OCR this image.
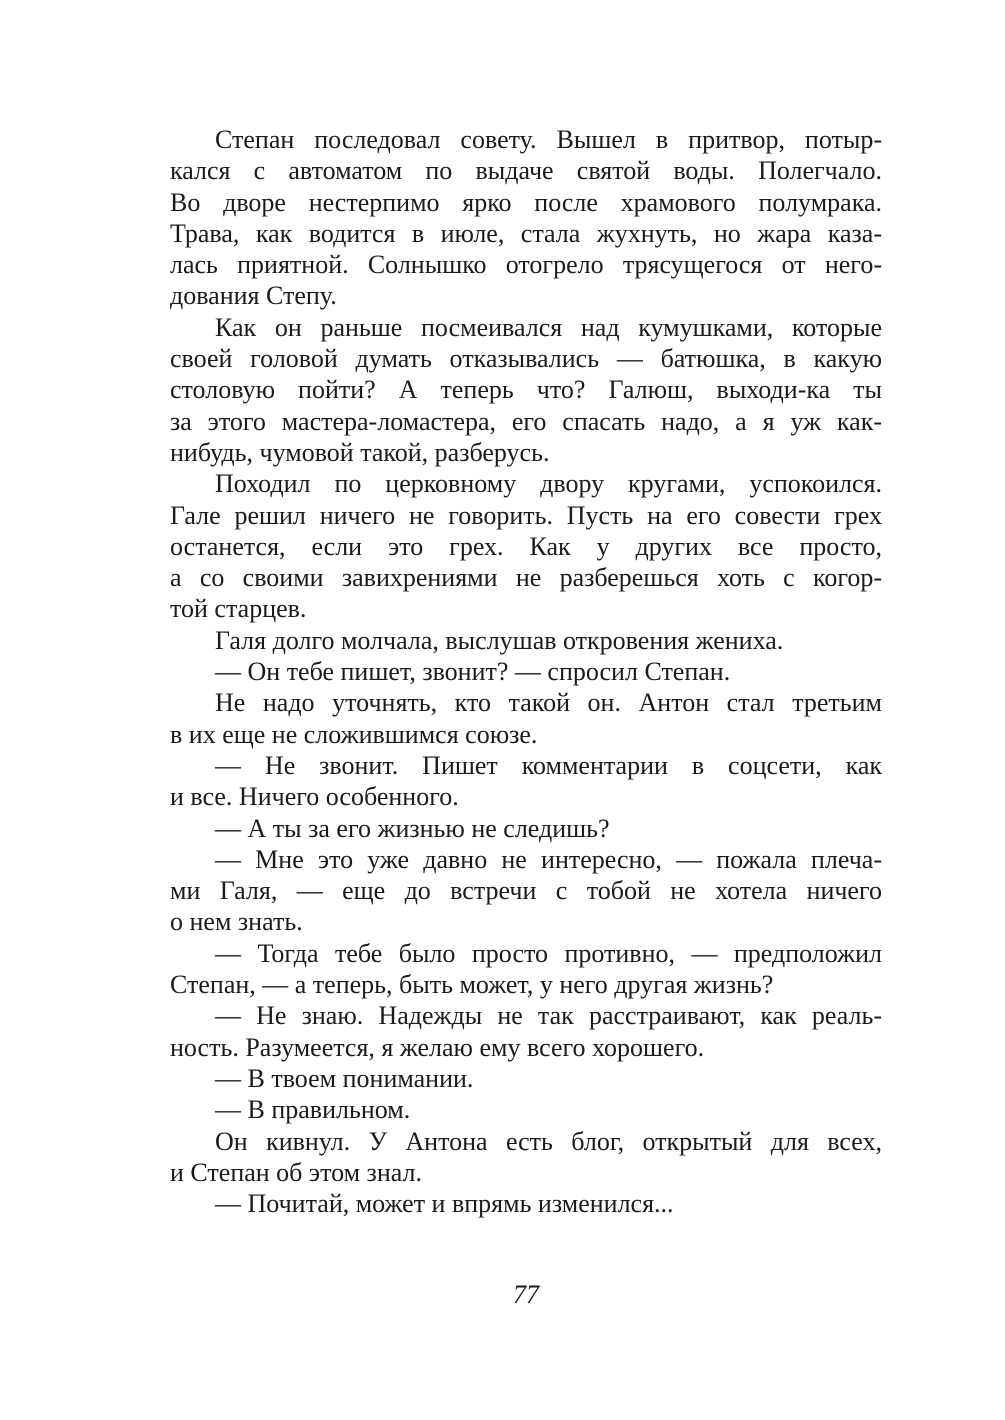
Степан последовал совету. Вышел в притвор, потыр-
кался с автоматом по выдаче святой воды. Полегчало.
Во дворе нестерпимо ярко после храмового полумрака.
Трава, как водится в июле, стала жухнуть, но жара каза-
лась приятной. Солнышко отогрело трясущегося от него-
дования Степу.
Как он раньше посмеивался над кумушками, которые
своей головой думать отказывались — батюшка, в какую
столовую пойти? А теперь что? Галюш, выходи-ка ты
за этого мастера-ломастера, его спасать надо, а я уж как-
нибудь, чумовой такой, разберусь.
Походил по церковному двору кругами, успокоился.
Гале решил ничего не говорить. Пусть на его совести грех
останется, если это грех. Как у других все просто,
а со своими завихрениями не разберешься хоть с когор-
той старцев.
Галя долго молчала, выслушав откровения жениха.
— Он тебе пишет, звонит? — спросил Степан.
Не надо уточнять, кто такой он. Антон стал третьим
в их еще не сложившимся союзе.
— Не звонит. Пишет комментарии в соцсети, как
и все. Ничего особенного.
— А ты за его жизнью не следишь?
— Мне это уже давно не интересно, — пожала плеча-
ми Галя, — еще до встречи с тобой не хотела ничего
о нем знать.
— Тогда тебе было просто противно, — предположил
Степан, — а теперь, быть может, у него другая жизнь?
— Не знаю. Надежды не так расстраивают, как реаль-
ность. Разумеется, я желаю ему всего хорошего.
— В твоем понимании.
— В правильном.
Он кивнул. У Антона есть блог, открытый для всех,
и Степан об этом знал.
— Почитай, может и впрямь изменился...
77
